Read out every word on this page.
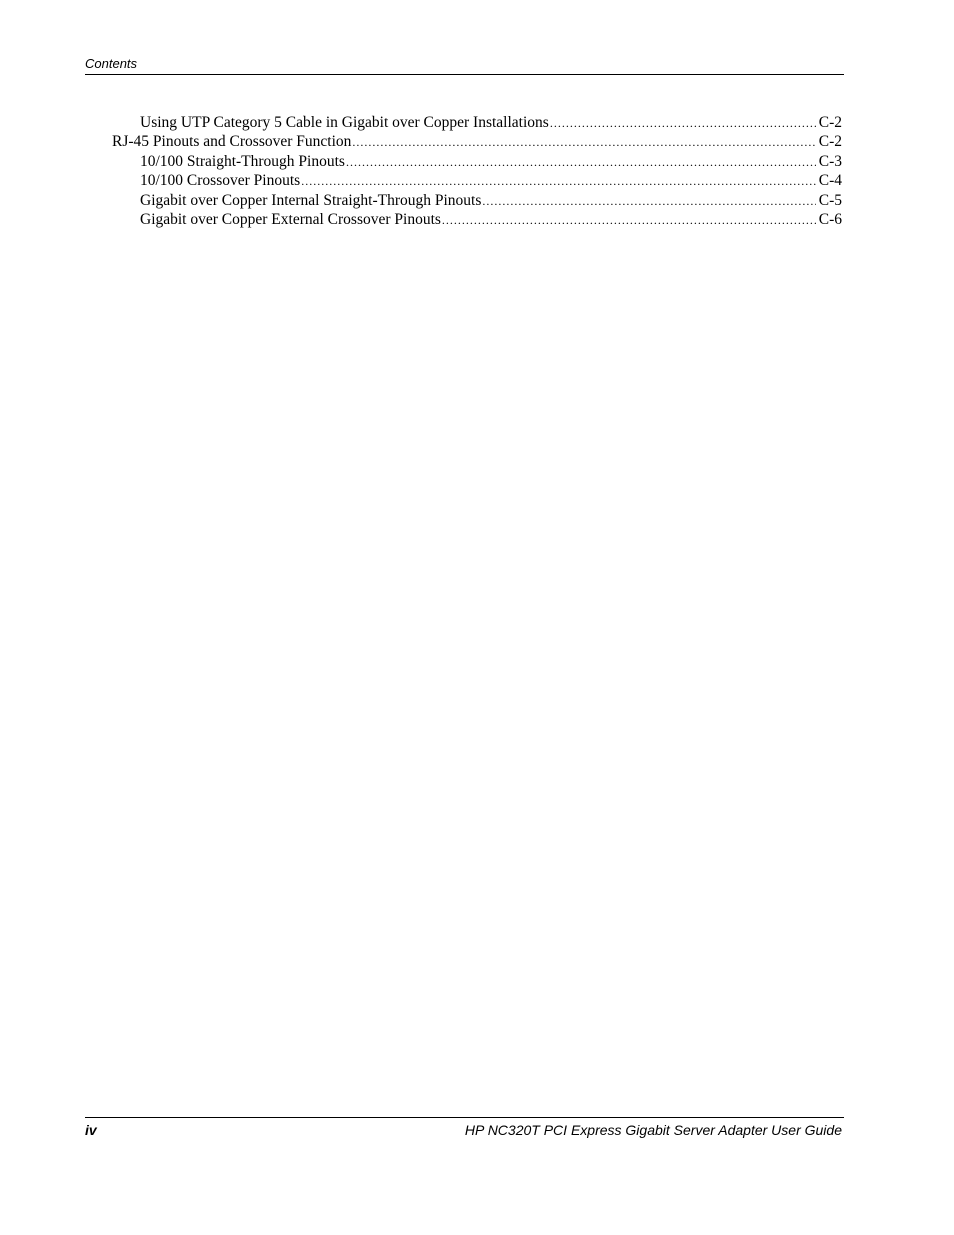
Contents
Using UTP Category 5 Cable in Gigabit over Copper Installations .....	C-2
RJ-45 Pinouts and Crossover Function .....	C-2
10/100 Straight-Through Pinouts .....	C-3
10/100 Crossover Pinouts .....	C-4
Gigabit over Copper Internal Straight-Through Pinouts .....	C-5
Gigabit over Copper External Crossover Pinouts .....	C-6
iv	HP NC320T PCI Express Gigabit Server Adapter User Guide
